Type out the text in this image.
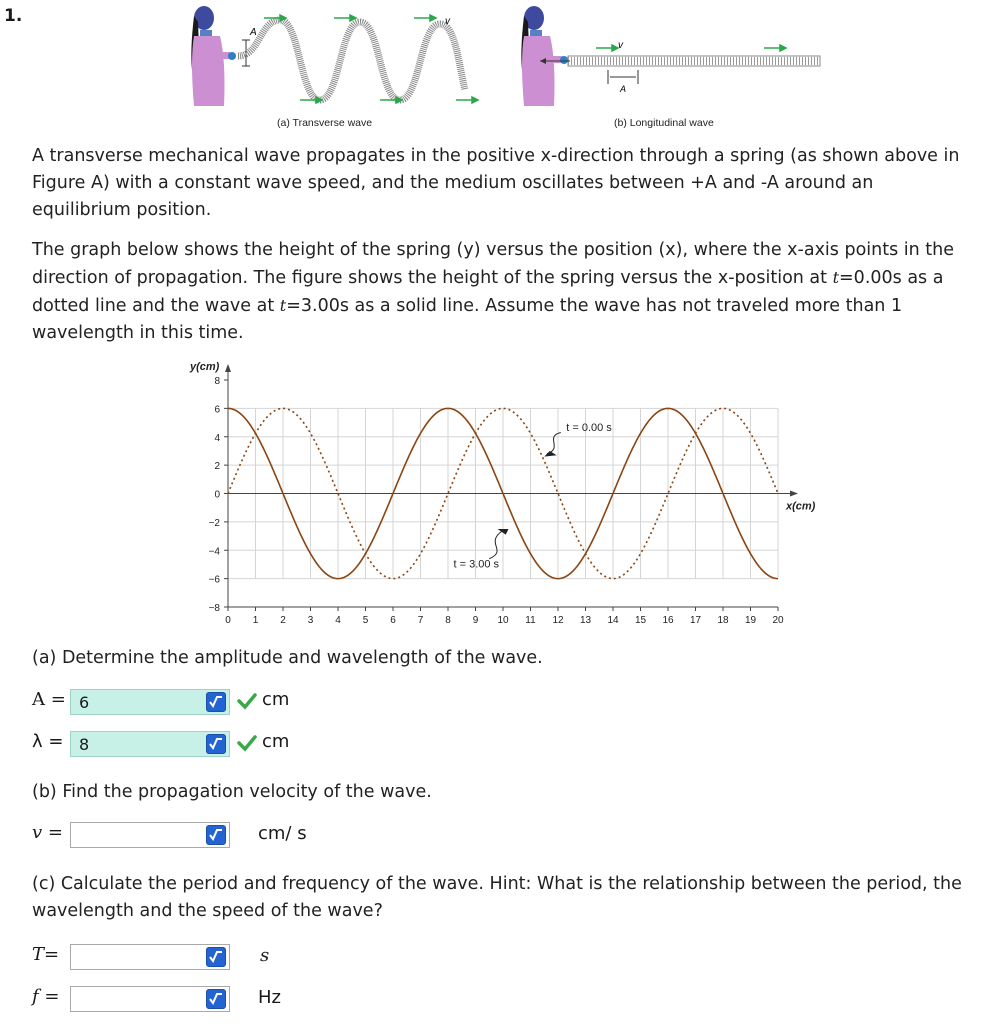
1.
A
v
v
A
(a) Transverse wave	(b) Longitudinal wave
A transverse mechanical wave propagates in the positive x-direction through a spring (as shown above in Figure A) with a constant wave speed, and the medium oscillates between +A and -A around an equilibrium position.
The graph below shows the height of the spring (y) versus the position (x), where the x-axis points in the direction of propagation. The figure shows the height of the spring versus the x-position at t=0.00s as a dotted line and the wave at t=3.00s as a solid line. Assume the wave has not traveled more than 1 wavelength in this time.
8
6
4
2
0
−2
−4
−6
−8
0 1 2 3 4 5 6 7 8 9 10 11 12 13 14 15 16 17 18 19 20
y(cm)
x(cm)
t = 0.00 s
t = 3.00 s
(a) Determine the amplitude and wavelength of the wave.
A = 6	cm
λ = 8	cm
(b) Find the propagation velocity of the wave.
v =	cm/ s
(c) Calculate the period and frequency of the wave. Hint: What is the relationship between the period, the wavelength and the speed of the wave?
T=	s
f =	Hz
